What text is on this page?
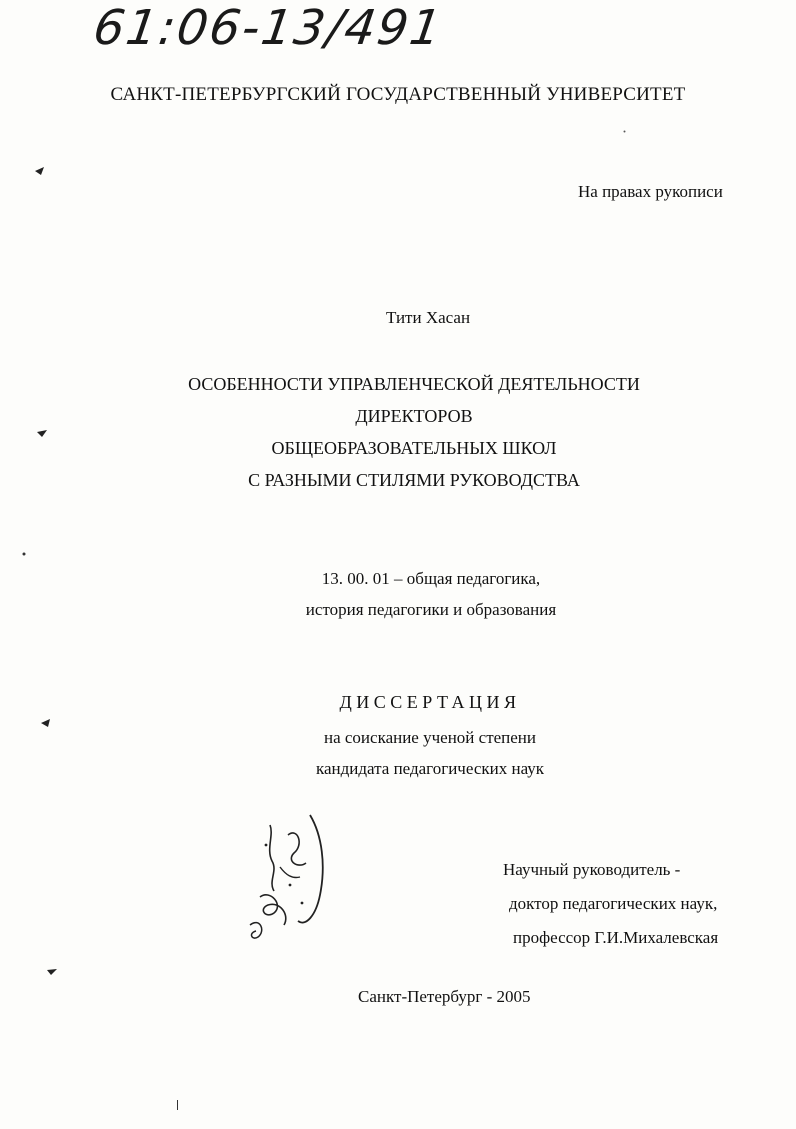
61:06-13/491
САНКТ-ПЕТЕРБУРГСКИЙ ГОСУДАРСТВЕННЫЙ УНИВЕРСИТЕТ
На правах рукописи
Тити Хасан
ОСОБЕННОСТИ УПРАВЛЕНЧЕСКОЙ ДЕЯТЕЛЬНОСТИ
ДИРЕКТОРОВ
ОБЩЕОБРАЗОВАТЕЛЬНЫХ ШКОЛ
С РАЗНЫМИ СТИЛЯМИ РУКОВОДСТВА
13. 00. 01 – общая педагогика,
история педагогики и образования
ДИССЕРТАЦИЯ
на соискание ученой степени
кандидата педагогических наук
Научный руководитель -
доктор педагогических наук,
профессор Г.И.Михалевская
Санкт-Петербург - 2005
